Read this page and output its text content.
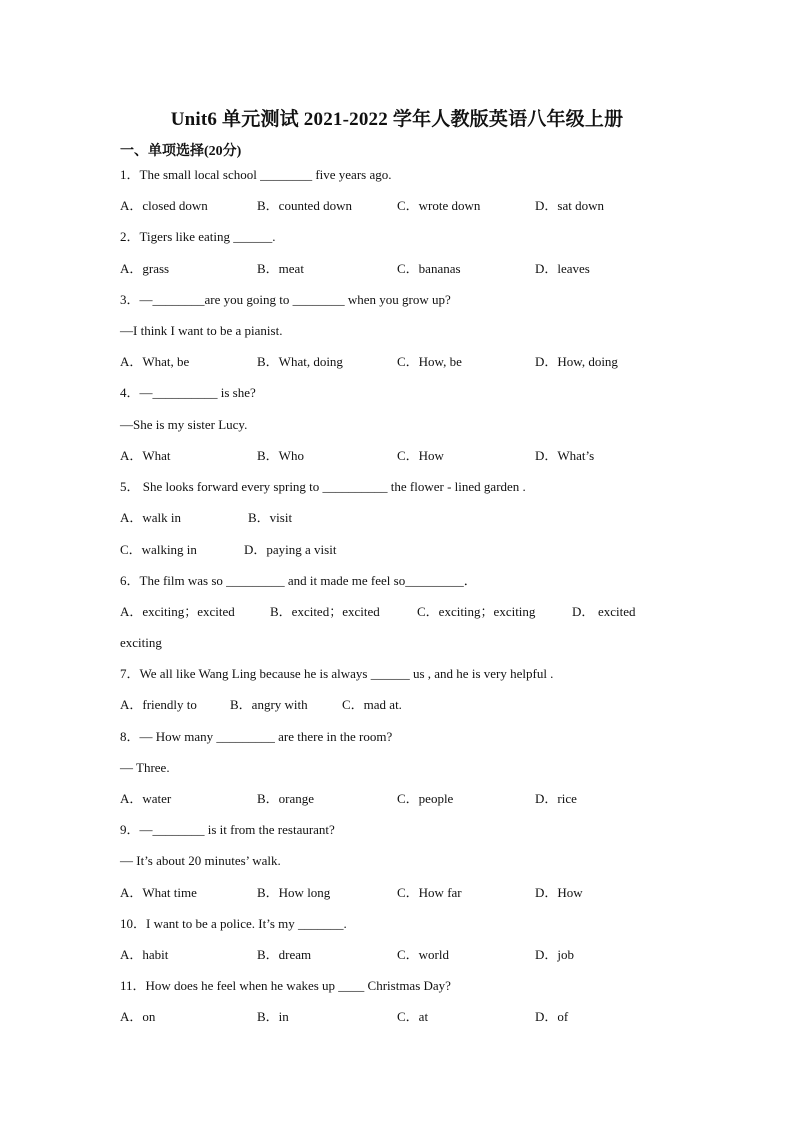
Unit6 单元测试 2021-2022 学年人教版英语八年级上册
一、单项选择(20分)
1．The small local school ________ five years ago.
A．closed down	B．counted down	C．wrote down	D．sat down
2．Tigers like eating ______.
A．grass	B．meat	C．bananas	D．leaves
3．—________are you going to ________ when you grow up?
—I think I want to be a pianist.
A．What, be	B．What, doing	C．How, be	D．How, doing
4．—__________ is she?
—She is my sister Lucy.
A．What	B．Who	C．How	D．What’s
5． She looks forward every spring to __________ the flower - lined garden .
A．walk in	B．visit
C．walking in	D．paying a visit
6．The film was so _________ and it made me feel so_________．
A．exciting；excited	B．excited；excited	C．exciting；exciting	D． excited
exciting
7．We all like Wang Ling because he is always ______ us , and he is very helpful .
A．friendly to	B．angry with	C．mad at.
8．— How many _________ are there in the room?
— Three.
A．water	B．orange	C．people	D．rice
9．—________ is it from the restaurant?
— It’s about 20 minutes’ walk.
A．What time	B．How long	C．How far	D．How
10．I want to be a police. It’s my _______.
A．habit	B．dream	C．world	D．job
11．How does he feel when he wakes up ____ Christmas Day?
A．on	B．in	C．at	D．of
